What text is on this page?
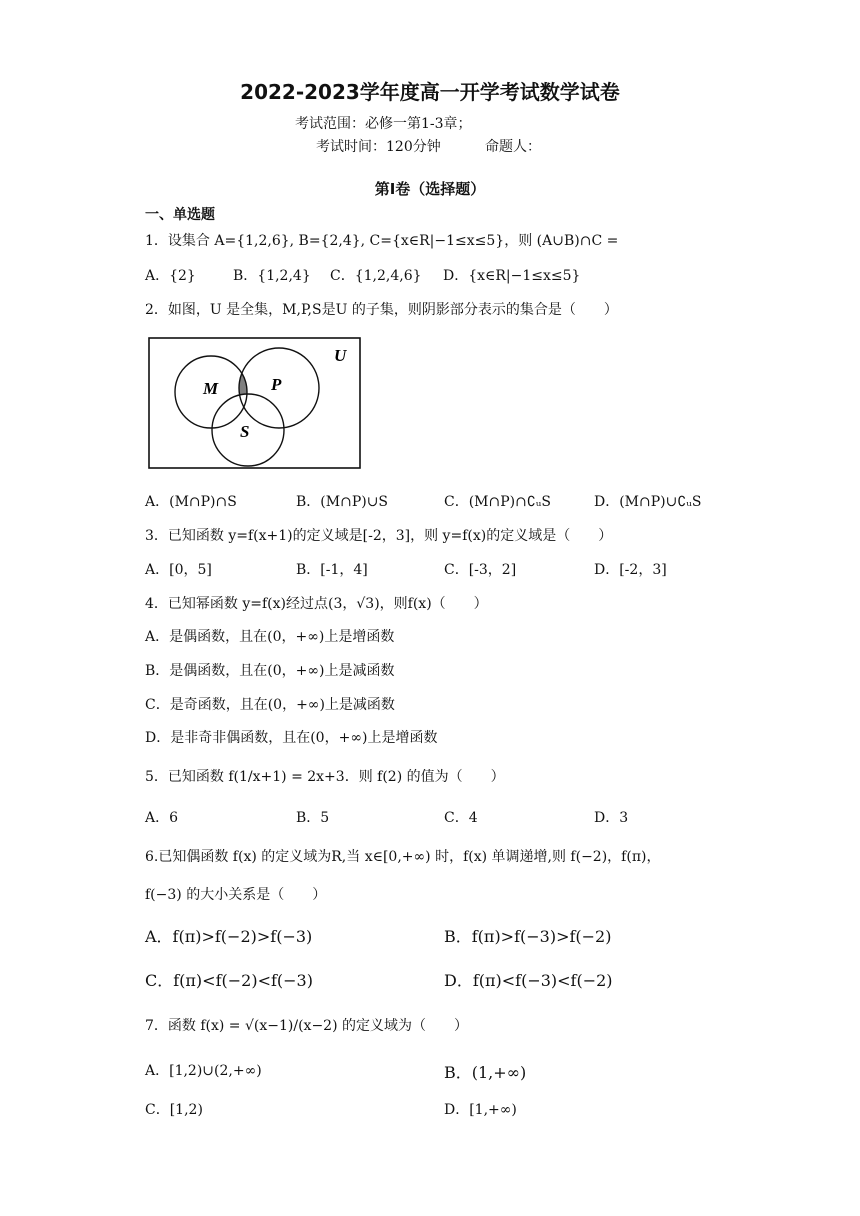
2022-2023学年度高一开学考试数学试卷
考试范围：必修一第1-3章；
考试时间：120分钟	命题人：
第I卷（选择题）
一、单选题
1．设集合 A={1,2,6}, B={2,4}, C={x∈R|−1≤x≤5}，则 (A∪B)∩C =
A．{2}	B．{1,2,4} C．{1,2,4,6} D．{x∈R|−1≤x≤5}
2．如图，U 是全集，M,P,S是U 的子集，则阴影部分表示的集合是（　　）
M	P
S
U
A．(M∩P)∩S	B．(M∩P)∪S	C．(M∩P)∩∁ᵤS	D．(M∩P)∪∁ᵤS
3．已知函数 y=f(x+1)的定义域是[-2，3]，则 y=f(x)的定义域是（　　）
A．[0，5]	B．[-1，4]	C．[-3，2]	D．[-2，3]
4．已知幂函数 y=f(x)经过点(3，√3)，则f(x)（　　）
A．是偶函数，且在(0，+∞)上是增函数
B．是偶函数，且在(0，+∞)上是减函数
C．是奇函数，且在(0，+∞)上是减函数
D．是非奇非偶函数，且在(0，+∞)上是增函数
5．已知函数 f(1/x+1) = 2x+3．则 f(2) 的值为（　　）
A．6	B．5	C．4	D．3
6.已知偶函数 f(x) 的定义域为R,当 x∈[0,+∞) 时，f(x) 单调递增,则 f(−2)，f(π)，
f(−3) 的大小关系是（　　）
A．f(π)>f(−2)>f(−3)	B．f(π)>f(−3)>f(−2)
C．f(π)<f(−2)<f(−3)	D．f(π)<f(−3)<f(−2)
7．函数 f(x) = √(x−1)/(x−2) 的定义域为（　　）
A．[1,2)∪(2,+∞)	B．(1,+∞)
C．[1,2)	D．[1,+∞)
